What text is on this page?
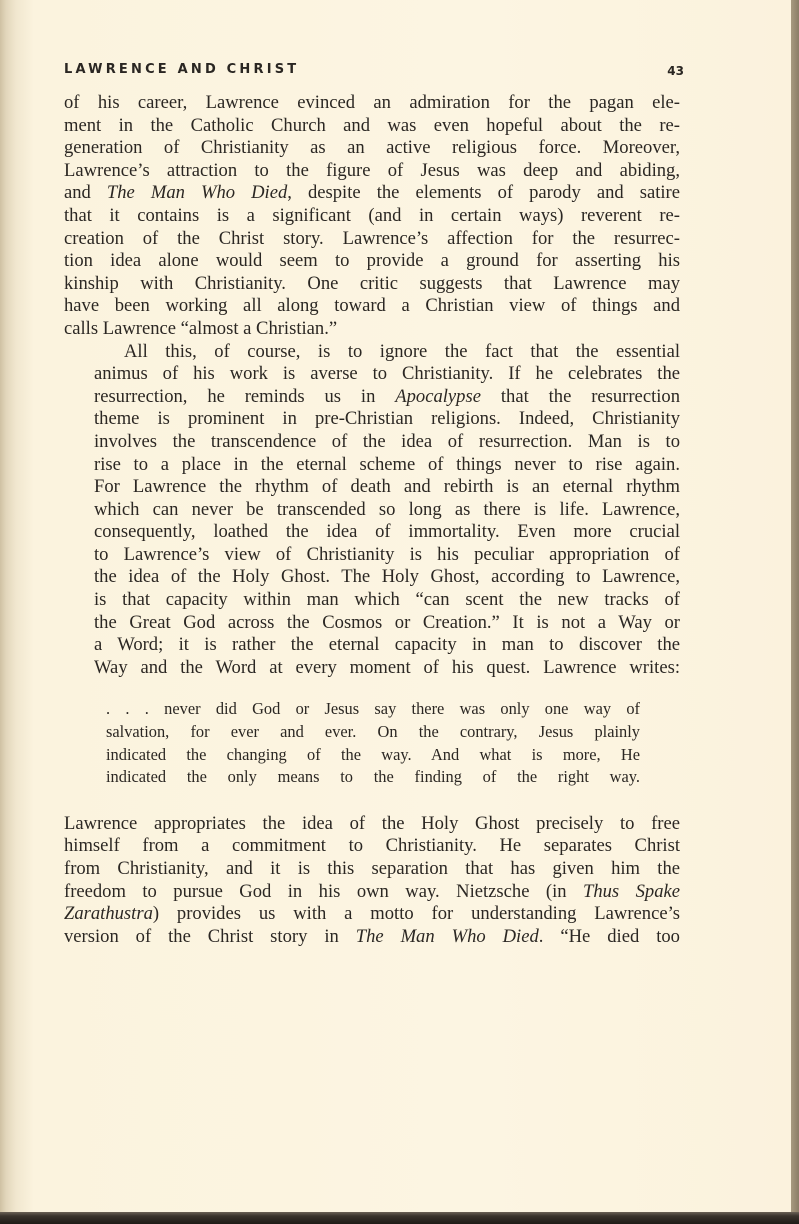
LAWRENCE AND CHRIST	43

of his career, Lawrence evinced an admiration for the pagan ele-
ment in the Catholic Church and was even hopeful about the re-
generation of Christianity as an active religious force. Moreover,
Lawrence’s attraction to the figure of Jesus was deep and abiding,
and The Man Who Died, despite the elements of parody and satire
that it contains is a significant (and in certain ways) reverent re-
creation of the Christ story. Lawrence’s affection for the resurrec-
tion idea alone would seem to provide a ground for asserting his
kinship with Christianity. One critic suggests that Lawrence may
have been working all along toward a Christian view of things and
calls Lawrence “almost a Christian.”

All this, of course, is to ignore the fact that the essential
animus of his work is averse to Christianity. If he celebrates the
resurrection, he reminds us in Apocalypse that the resurrection
theme is prominent in pre-Christian religions. Indeed, Christianity
involves the transcendence of the idea of resurrection. Man is to
rise to a place in the eternal scheme of things never to rise again.
For Lawrence the rhythm of death and rebirth is an eternal rhythm
which can never be transcended so long as there is life. Lawrence,
consequently, loathed the idea of immortality. Even more crucial
to Lawrence’s view of Christianity is his peculiar appropriation of
the idea of the Holy Ghost. The Holy Ghost, according to Lawrence,
is that capacity within man which “can scent the new tracks of
the Great God across the Cosmos or Creation.” It is not a Way or
a Word; it is rather the eternal capacity in man to discover the
Way and the Word at every moment of his quest. Lawrence writes:

. . . never did God or Jesus say there was only one way of
salvation, for ever and ever. On the contrary, Jesus plainly
indicated the changing of the way. And what is more, He
indicated the only means to the finding of the right way.

Lawrence appropriates the idea of the Holy Ghost precisely to free
himself from a commitment to Christianity. He separates Christ
from Christianity, and it is this separation that has given him the
freedom to pursue God in his own way. Nietzsche (in Thus Spake
Zarathustra) provides us with a motto for understanding Lawrence’s
version of the Christ story in The Man Who Died. “He died too
